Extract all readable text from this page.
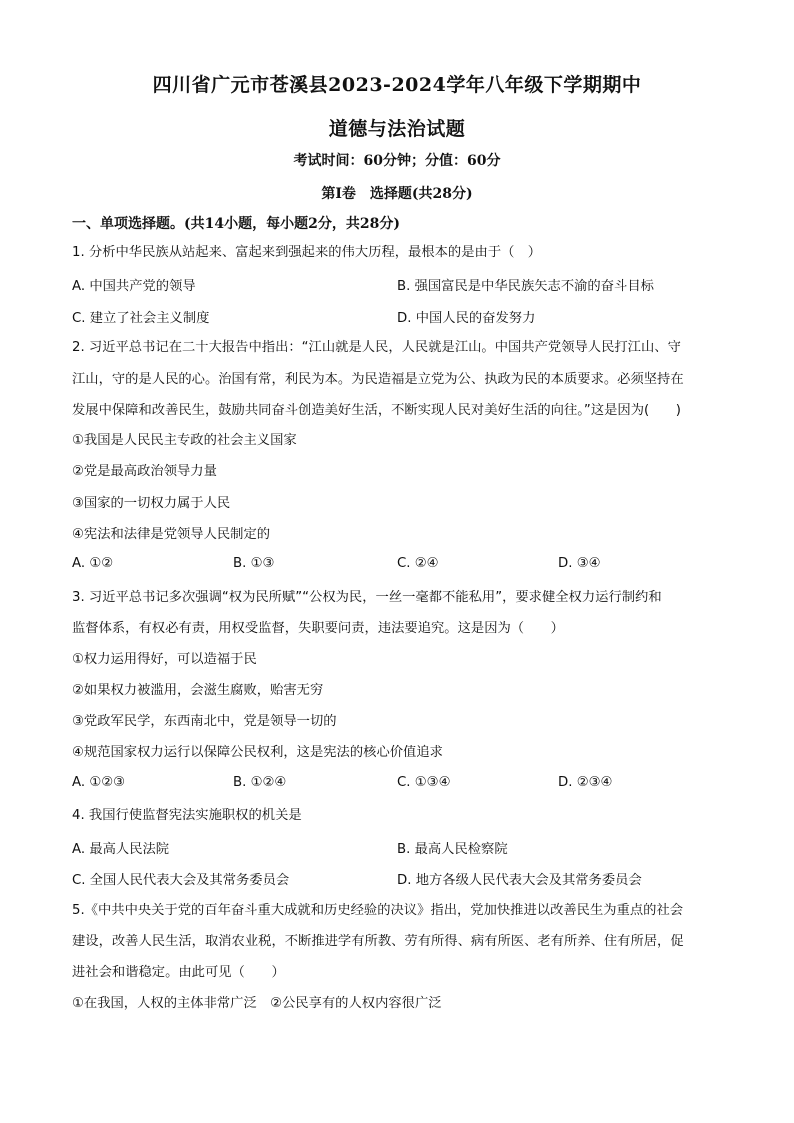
四川省广元市苍溪县2023-2024学年八年级下学期期中
道德与法治试题
考试时间：60分钟；分值：60分
第Ⅰ卷　选择题(共28分)
一、单项选择题。(共14小题，每小题2分，共28分)
1. 分析中华民族从站起来、富起来到强起来的伟大历程，最根本的是由于（　）
A. 中国共产党的领导	B. 强国富民是中华民族矢志不渝的奋斗目标
C. 建立了社会主义制度	D. 中国人民的奋发努力
2. 习近平总书记在二十大报告中指出：“江山就是人民，人民就是江山。中国共产党领导人民打江山、守
江山，守的是人民的心。治国有常，利民为本。为民造福是立党为公、执政为民的本质要求。必须坚持在
发展中保障和改善民生，鼓励共同奋斗创造美好生活，不断实现人民对美好生活的向往。”这是因为(　　)
①我国是人民民主专政的社会主义国家
②党是最高政治领导力量
③国家的一切权力属于人民
④宪法和法律是党领导人民制定的
A. ①②	B. ①③	C. ②④	D. ③④
3. 习近平总书记多次强调“权为民所赋”“公权为民，一丝一毫都不能私用”，要求健全权力运行制约和
监督体系，有权必有责，用权受监督，失职要问责，违法要追究。这是因为（　　）
①权力运用得好，可以造福于民
②如果权力被滥用，会滋生腐败，贻害无穷
③党政军民学，东西南北中，党是领导一切的
④规范国家权力运行以保障公民权利，这是宪法的核心价值追求
A. ①②③	B. ①②④	C. ①③④	D. ②③④
4. 我国行使监督宪法实施职权的机关是
A. 最高人民法院	B. 最高人民检察院
C. 全国人民代表大会及其常务委员会	D. 地方各级人民代表大会及其常务委员会
5.《中共中央关于党的百年奋斗重大成就和历史经验的决议》指出，党加快推进以改善民生为重点的社会
建设，改善人民生活，取消农业税，不断推进学有所教、劳有所得、病有所医、老有所养、住有所居，促
进社会和谐稳定。由此可见（　　）
①在我国，人权的主体非常广泛　②公民享有的人权内容很广泛
